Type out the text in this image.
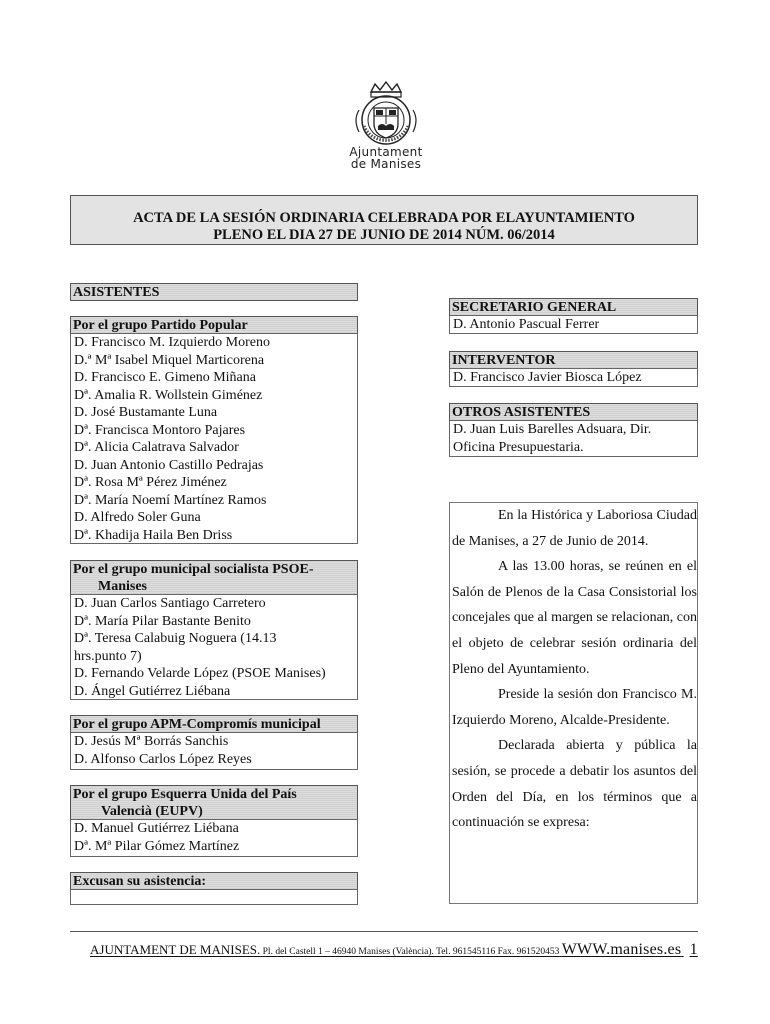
Ajuntament
de Manises
ACTA DE LA SESIÓN ORDINARIA CELEBRADA POR ELAYUNTAMIENTO
PLENO EL DIA 27 DE JUNIO DE 2014 NÚM. 06/2014
ASISTENTES
Por el grupo Partido Popular
D. Francisco M. Izquierdo Moreno
D.ª Mª Isabel Miquel Marticorena
D. Francisco E. Gimeno Miñana
Dª. Amalia R. Wollstein Giménez
D. José Bustamante Luna
Dª. Francisca Montoro Pajares
Dª. Alicia Calatrava Salvador
D. Juan Antonio Castillo Pedrajas
Dª. Rosa Mª Pérez Jiménez
Dª. María Noemí Martínez Ramos
D. Alfredo Soler Guna
Dª. Khadija Haila Ben Driss
Por el grupo municipal socialista PSOE-
Manises
D. Juan Carlos Santiago Carretero
Dª. María Pilar Bastante Benito
Dª. Teresa Calabuig Noguera (14.13
hrs.punto 7)
D. Fernando Velarde López (PSOE Manises)
D. Ángel Gutiérrez Liébana
Por el grupo APM-Compromís municipal
D. Jesús Mª Borrás Sanchis
D. Alfonso Carlos López Reyes
Por el grupo Esquerra Unida del País
Valencià (EUPV)
D. Manuel Gutiérrez Liébana
Dª. Mª Pilar Gómez Martínez
Excusan su asistencia:
SECRETARIO GENERAL
D. Antonio Pascual Ferrer
INTERVENTOR
D. Francisco Javier Biosca López
OTROS ASISTENTES
D. Juan Luis Barelles Adsuara, Dir.
Oficina Presupuestaria.

En la Histórica y Laboriosa Ciudad de Manises, a 27 de Junio de 2014.

A las 13.00 horas, se reúnen en el Salón de Plenos de la Casa Consistorial los concejales que al margen se relacionan, con el objeto de celebrar sesión ordinaria del Pleno del Ayuntamiento.

Preside la sesión don Francisco M. Izquierdo Moreno, Alcalde-Presidente.

Declarada abierta y pública la sesión, se procede a debatir los asuntos del Orden del Día, en los términos que a continuación se expresa:

AJUNTAMENT DE MANISES. Pl. del Castell 1 – 46940 Manises (València). Tel. 961545116 Fax. 961520453 WWW.manises.es 1
